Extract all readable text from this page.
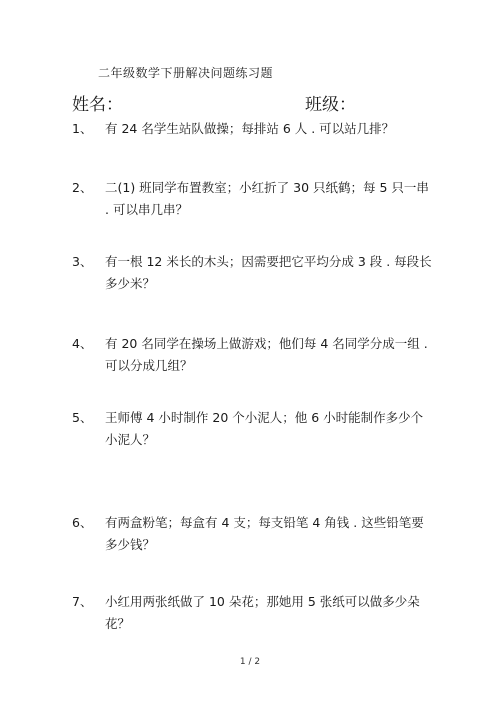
二年级数学下册解决问题练习题
姓名：	班级：
1、 有 24 名学生站队做操；每排站 6 人 . 可以站几排？
2、 二(1) 班同学布置教室；小红折了 30 只纸鹤；每 5 只一串 . 可以串几串？
3、 有一根 12 米长的木头；因需要把它平均分成 3 段 . 每段长多少米？
4、 有 20 名同学在操场上做游戏；他们每 4 名同学分成一组 . 可以分成几组？
5、 王师傅 4 小时制作 20 个小泥人；他 6 小时能制作多少个小泥人？
6、 有两盒粉笔；每盒有 4 支；每支铅笔 4 角钱 . 这些铅笔要多少钱？
7、 小红用两张纸做了 10 朵花；那她用 5 张纸可以做多少朵花？
1 / 2
